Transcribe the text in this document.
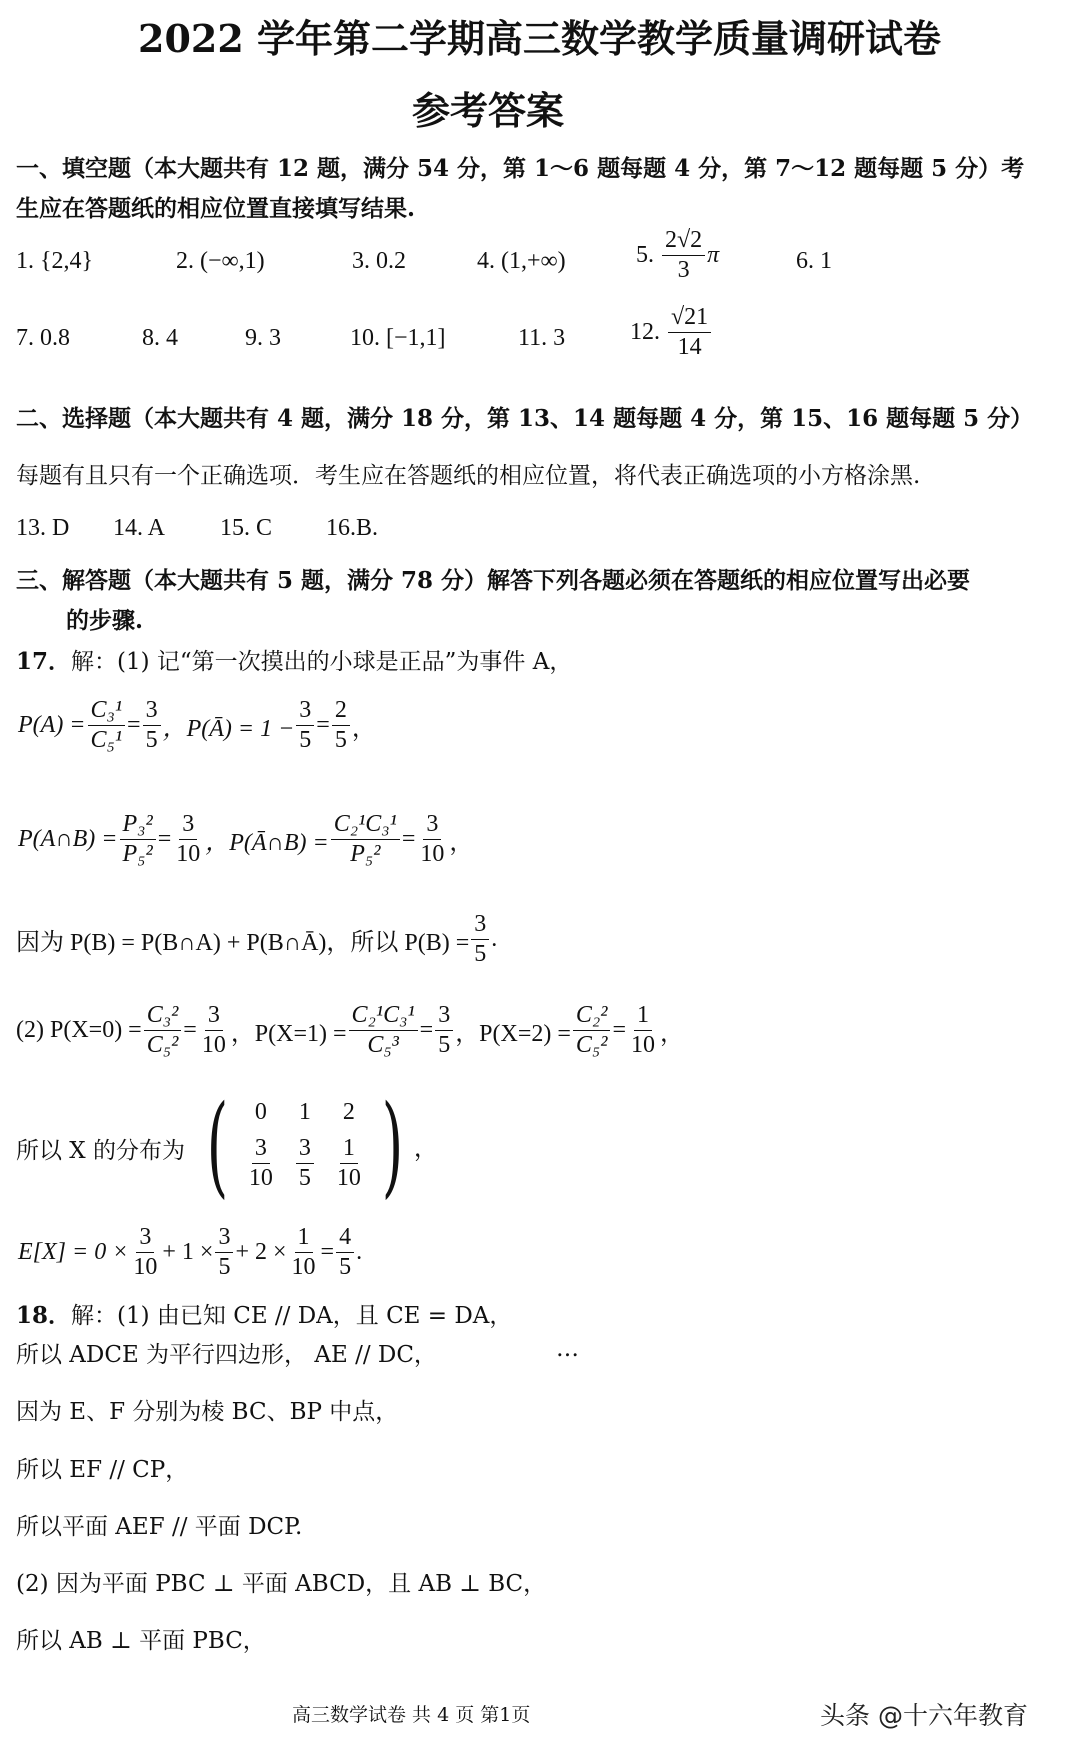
2022 学年第二学期高三数学教学质量调研试卷
参考答案
一、填空题（本大题共有 12 题，满分 54 分，第 1～6 题每题 4 分，第 7～12 题每题 5 分）考
生应在答题纸的相应位置直接填写结果.
1. {2,4}	2. (−∞,1)	3. 0.2	4. (1,+∞)	5.
$\frac{2√2}{3}$ π	6. 1
7. 0.8	8. 4	9. 3	10. [−1,1]	11. 3	12.
$\frac{√21}{14}$
二、选择题（本大题共有 4 题，满分 18 分，第 13、14 题每题 4 分，第 15、16 题每题 5 分）
每题有且只有一个正确选项．考生应在答题纸的相应位置，将代表正确选项的小方格涂黑.
13. D 14. A 15. C 16.B.
三、解答题（本大题共有 5 题，满分 78 分）解答下列各题必须在答题纸的相应位置写出必要
的步骤.
17．解：(1) 记“第一次摸出的小球是正品”为事件 A，
$P(A) = \frac{\text{C₃¹}}{\text{C₅¹}} = \frac{3}{5}$ ，P(Ā) = $1 - \frac{3}{5} = \frac{2}{5}$ ，
P(A∩B) = $\frac{\text{P₃²}}{\text{P₅²}} = \frac{3}{10}$ ，P(Ā∩B) = $\frac{\text{C₂¹C₃¹}}{\text{P₅²}} = \frac{3}{10}$ ，
因为 P(B) = P(B∩A) + P(B∩Ā)，所以 $P(B) = \frac{3}{5}$ .
(2) $P(X=0) = \frac{\text{C₃²}}{\text{C₅²}} = \frac{3}{10}$ ，$P(X=1) = \frac{\text{C₂¹C₃¹}}{\text{C₅³}} = \frac{3}{5}$ ，$P(X=2) = \frac{\text{C₂²}}{\text{C₅²}} = \frac{1}{10}$ ，
所以 X 的分布为 (	0	1	2
$\frac{3}{10} \frac{3}{5} \frac{1}{10}$ ) ，
$E[X] = 0 \times \frac{3}{10} + 1 \times \frac{3}{5} + 2 \times \frac{1}{10} = \frac{4}{5}$ .
18．解：(1) 由已知 CE // DA，且 CE = DA，
所以 ADCE 为平行四边形， AE // DC，	…
因为 E、F 分别为棱 BC、BP 中点，
所以 EF // CP，
所以平面 AEF // 平面 DCP.
(2) 因为平面 PBC ⊥ 平面 ABCD，且 AB ⊥ BC，
所以 AB ⊥ 平面 PBC，
高三数学试卷 共 4 页 第1页	头条 @十六年教育
